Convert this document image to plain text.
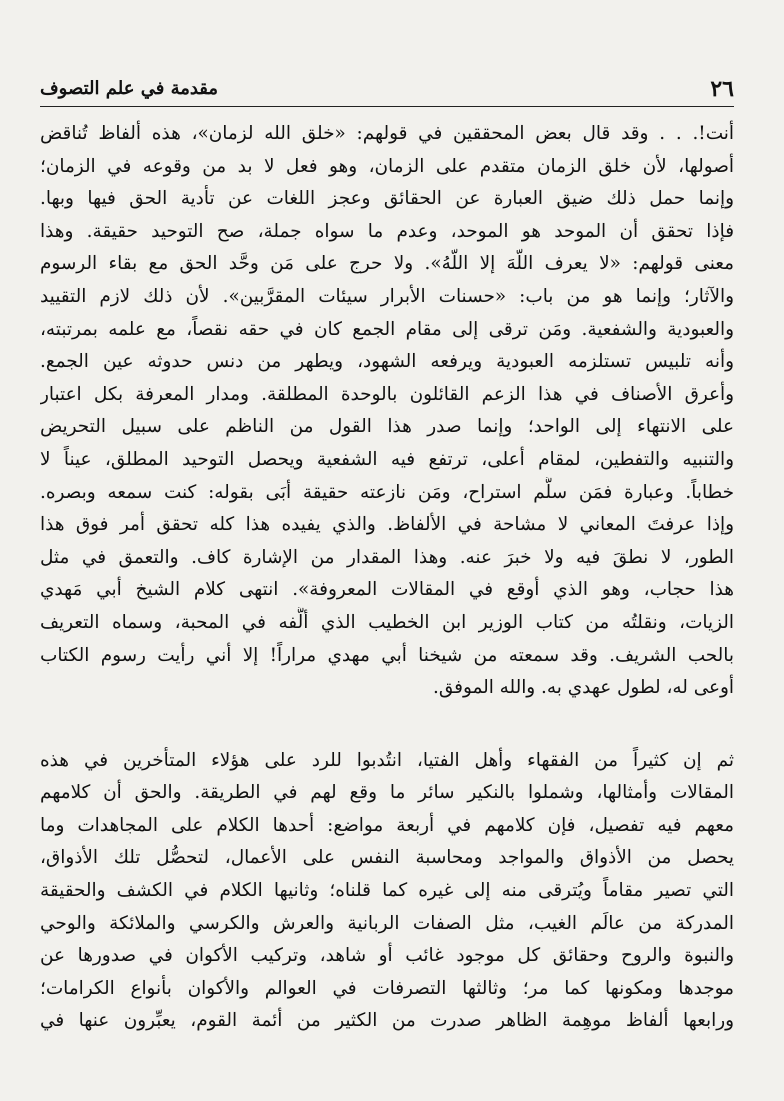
٢٦
مقدمة في علم التصوف
أنت!. . . وقد قال بعض المحققين في قولهم: «خلق الله لزمان»، هذه ألفاظ تُناقض
أصولها، لأن خلق الزمان متقدم على الزمان، وهو فعل لا بد من وقوعه في الزمان؛
وإنما حمل ذلك ضيق العبارة عن الحقائق وعجز اللغات عن تأدية الحق فيها وبها.
فإذا تحقق أن الموحد هو الموحد، وعدم ما سواه جملة، صح التوحيد حقيقة. وهذا
معنى قولهم: «لا يعرف اللّهَ إلا اللّهُ». ولا حرج على مَن وحَّد الحق مع بقاء الرسوم
والآثار؛ وإنما هو من باب: «حسنات الأبرار سيئات المقرَّبين». لأن ذلك لازم التقييد
والعبودية والشفعية. ومَن ترقى إلى مقام الجمع كان في حقه نقصاً، مع علمه بمرتبته،
وأنه تلبيس تستلزمه العبودية ويرفعه الشهود، ويطهر من دنس حدوثه عين الجمع.
وأعرق الأصناف في هذا الزعم القائلون بالوحدة المطلقة. ومدار المعرفة بكل اعتبار
على الانتهاء إلى الواحد؛ وإنما صدر هذا القول من الناظم على سبيل التحريض
والتنبيه والتفطين، لمقام أعلى، ترتفع فيه الشفعية ويحصل التوحيد المطلق، عيناً لا
خطاباً. وعبارة فمَن سلَّم استراح، ومَن نازعته حقيقة أبَى بقوله: كنت سمعه وبصره.
وإذا عرفتَ المعاني لا مشاحة في الألفاظ. والذي يفيده هذا كله تحقق أمر فوق هذا
الطور، لا نطقَ فيه ولا خبرَ عنه. وهذا المقدار من الإشارة كاف. والتعمق في مثل
هذا حجاب، وهو الذي أوقع في المقالات المعروفة». انتهى كلام الشيخ أبي مَهدي
الزيات، ونقلتُه من كتاب الوزير ابن الخطيب الذي ألَّفه في المحبة، وسماه التعريف
بالحب الشريف. وقد سمعته من شيخنا أبي مهدي مراراً! إلا أني رأيت رسوم الكتاب
أوعى له، لطول عهدي به. والله الموفق.
ثم إن كثيراً من الفقهاء وأهل الفتيا، انتُدبوا للرد على هؤلاء المتأخرين في هذه
المقالات وأمثالها، وشملوا بالنكير سائر ما وقع لهم في الطريقة. والحق أن كلامهم
معهم فيه تفصيل، فإن كلامهم في أربعة مواضع: أحدها الكلام على المجاهدات وما
يحصل من الأذواق والمواجد ومحاسبة النفس على الأعمال، لتحصُّل تلك الأذواق،
التي تصير مقاماً ويُترقى منه إلى غيره كما قلناه؛ وثانيها الكلام في الكشف والحقيقة
المدركة من عالَم الغيب، مثل الصفات الربانية والعرش والكرسي والملائكة والوحي
والنبوة والروح وحقائق كل موجود غائب أو شاهد، وتركيب الأكوان في صدورها عن
موجدها ومكونها كما مر؛ وثالثها التصرفات في العوالم والأكوان بأنواع الكرامات؛
ورابعها ألفاظ موهِمة الظاهر صدرت من الكثير من أئمة القوم، يعبِّرون عنها في
